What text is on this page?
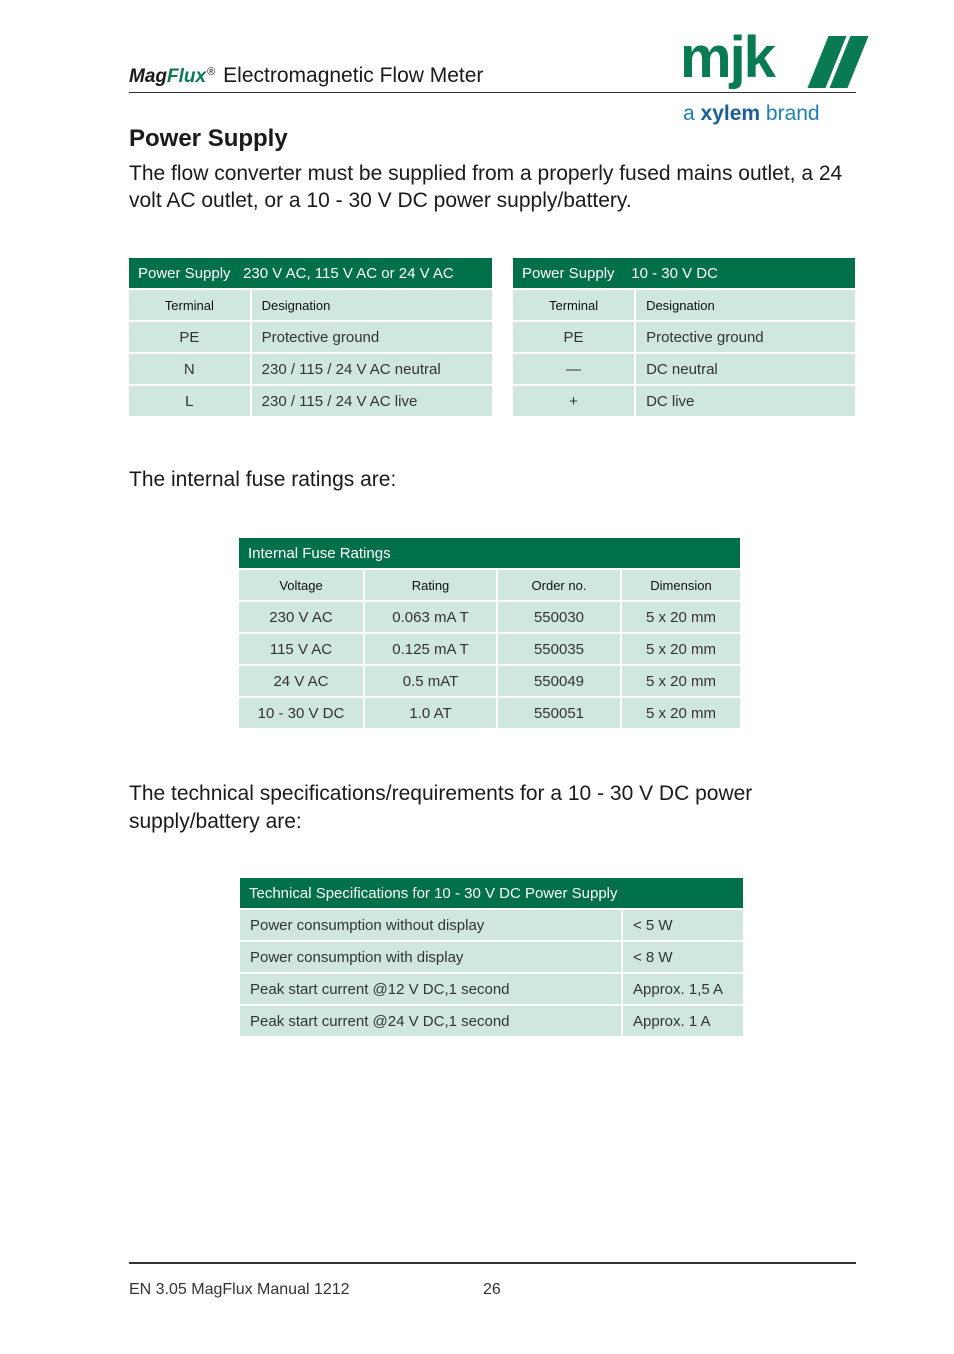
MagFlux® Electromagnetic Flow Meter	mjk
a xylem brand
Power Supply
The flow converter must be supplied from a properly fused mains outlet, a 24 volt AC outlet, or a 10 - 30 V DC power supply/battery.
Power Supply 230 V AC, 115 V AC or 24 V AC	
Terminal	Designation
PE	Protective ground
N	230 / 115 / 24 V AC neutral
L	230 / 115 / 24 V AC live
Power Supply 10 - 30 V DC	
Terminal	Designation
PE	Protective ground
—	DC neutral
+	DC live
The internal fuse ratings are:
Internal Fuse Ratings			
Voltage	Rating	Order no.	Dimension
230 V AC	0.063 mA T	550030	5 x 20 mm
115 V AC	0.125 mA T	550035	5 x 20 mm
24 V AC	0.5 mAT	550049	5 x 20 mm
10 - 30 V DC	1.0 AT	550051	5 x 20 mm
The technical specifications/requirements for a 10 - 30 V DC power supply/battery are:
Technical Specifications for 10 - 30 V DC Power Supply	
Power consumption without display	< 5 W
Power consumption with display	< 8 W
Peak start current @12 V DC,1 second	Approx. 1,5 A
Peak start current @24 V DC,1 second	Approx. 1 A
EN 3.05 MagFlux Manual 1212	26
